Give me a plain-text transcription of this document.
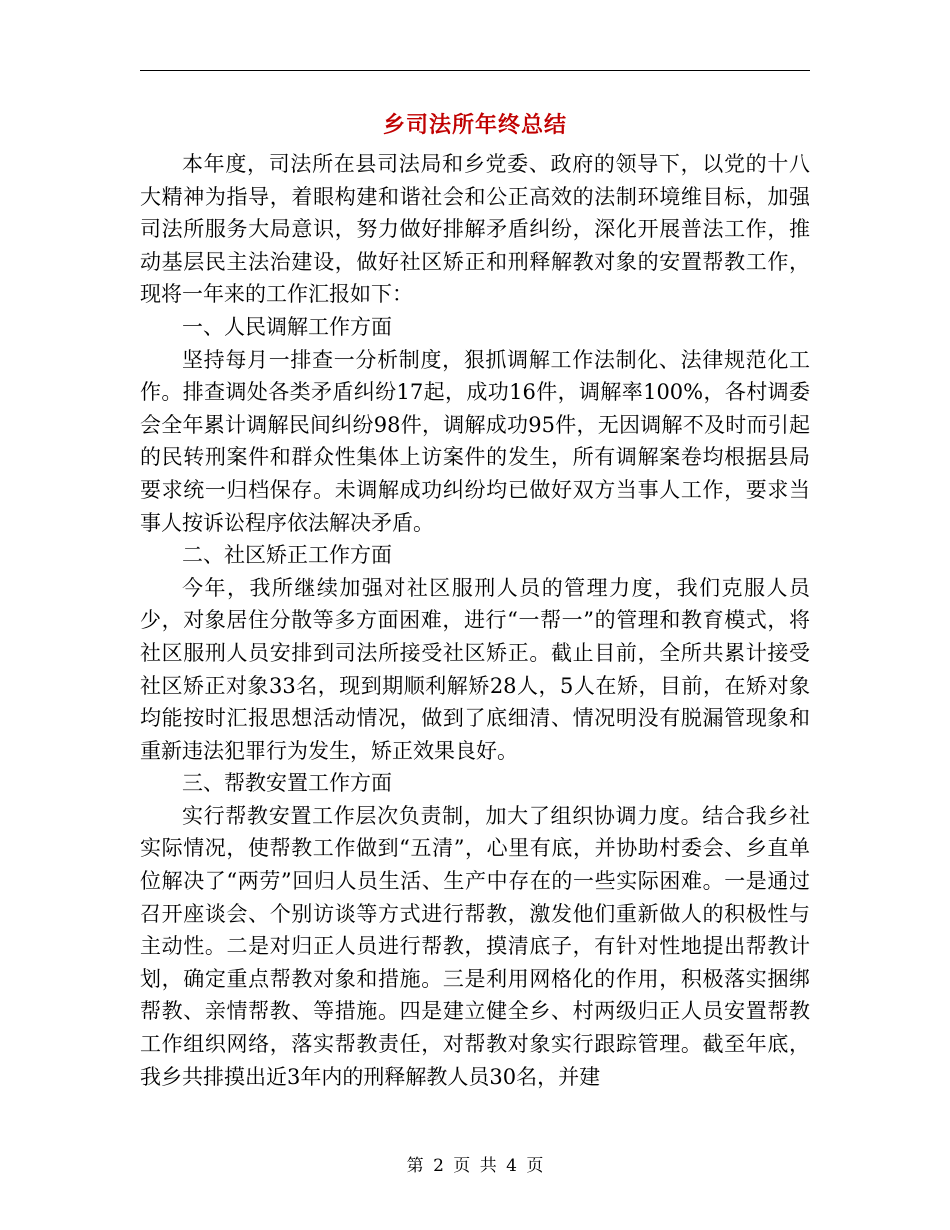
乡司法所年终总结

本年度，司法所在县司法局和乡党委、政府的领导下，以党的十八大精神为指导，着眼构建和谐社会和公正高效的法制环境维目标，加强司法所服务大局意识，努力做好排解矛盾纠纷，深化开展普法工作，推动基层民主法治建设，做好社区矫正和刑释解教对象的安置帮教工作，现将一年来的工作汇报如下：

一、人民调解工作方面

坚持每月一排查一分析制度，狠抓调解工作法制化、法律规范化工作。排查调处各类矛盾纠纷17起，成功16件，调解率100%，各村调委会全年累计调解民间纠纷98件，调解成功95件，无因调解不及时而引起的民转刑案件和群众性集体上访案件的发生，所有调解案卷均根据县局要求统一归档保存。未调解成功纠纷均已做好双方当事人工作，要求当事人按诉讼程序依法解决矛盾。

二、社区矫正工作方面

今年，我所继续加强对社区服刑人员的管理力度，我们克服人员少，对象居住分散等多方面困难，进行“一帮一”的管理和教育模式，将社区服刑人员安排到司法所接受社区矫正。截止目前，全所共累计接受社区矫正对象33名，现到期顺利解矫28人，5人在矫，目前，在矫对象均能按时汇报思想活动情况，做到了底细清、情况明没有脱漏管现象和重新违法犯罪行为发生，矫正效果良好。

三、帮教安置工作方面

实行帮教安置工作层次负责制，加大了组织协调力度。结合我乡社实际情况，使帮教工作做到“五清”，心里有底，并协助村委会、乡直单位解决了“两劳”回归人员生活、生产中存在的一些实际困难。一是通过召开座谈会、个别访谈等方式进行帮教，激发他们重新做人的积极性与主动性。二是对归正人员进行帮教，摸清底子，有针对性地提出帮教计划，确定重点帮教对象和措施。三是利用网格化的作用，积极落实捆绑帮教、亲情帮教、等措施。四是建立健全乡、村两级归正人员安置帮教工作组织网络，落实帮教责任，对帮教对象实行跟踪管理。截至年底，我乡共排摸出近3年内的刑释解教人员30名，并建

第 2 页 共 4 页
